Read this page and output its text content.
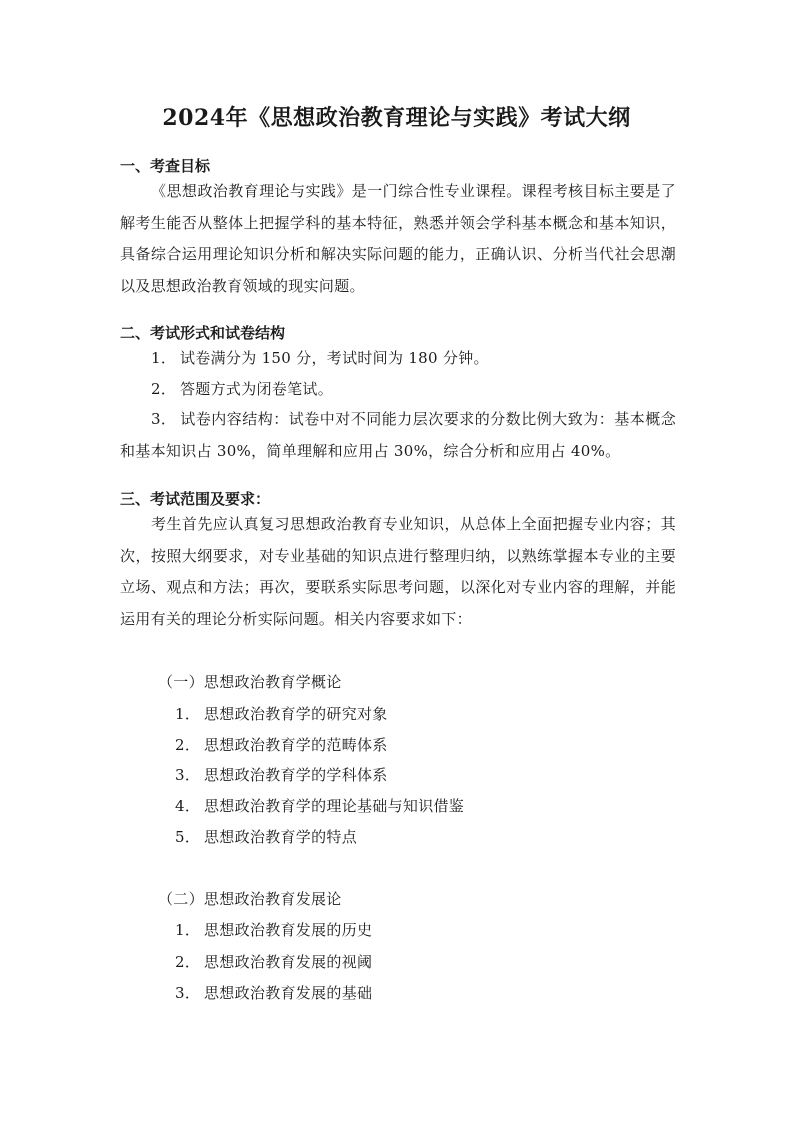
2024年《思想政治教育理论与实践》考试大纲
一、考查目标
《思想政治教育理论与实践》是一门综合性专业课程。课程考核目标主要是了解考生能否从整体上把握学科的基本特征，熟悉并领会学科基本概念和基本知识，具备综合运用理论知识分析和解决实际问题的能力，正确认识、分析当代社会思潮以及思想政治教育领域的现实问题。
二、考试形式和试卷结构
1． 试卷满分为 150 分，考试时间为 180 分钟。
2． 答题方式为闭卷笔试。
3． 试卷内容结构：试卷中对不同能力层次要求的分数比例大致为：基本概念和基本知识占 30%，简单理解和应用占 30%，综合分析和应用占 40%。
三、考试范围及要求：
考生首先应认真复习思想政治教育专业知识，从总体上全面把握专业内容；其次，按照大纲要求，对专业基础的知识点进行整理归纳，以熟练掌握本专业的主要立场、观点和方法；再次，要联系实际思考问题，以深化对专业内容的理解，并能运用有关的理论分析实际问题。相关内容要求如下：
（一）思想政治教育学概论
1． 思想政治教育学的研究对象
2． 思想政治教育学的范畴体系
3． 思想政治教育学的学科体系
4． 思想政治教育学的理论基础与知识借鉴
5． 思想政治教育学的特点
（二）思想政治教育发展论
1． 思想政治教育发展的历史
2． 思想政治教育发展的视阈
3． 思想政治教育发展的基础
